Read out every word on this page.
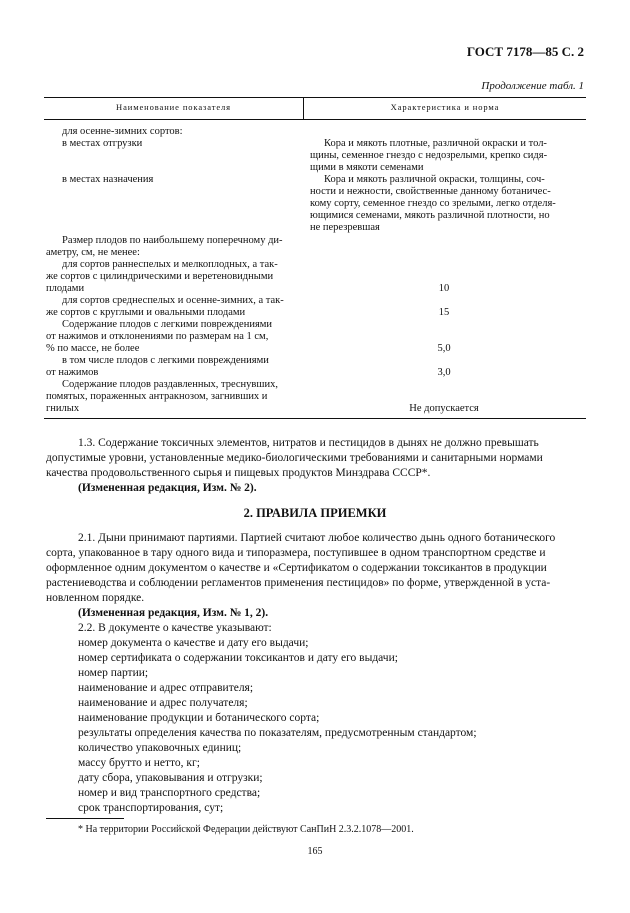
ГОСТ 7178—85 С. 2
Продолжение табл. 1
Наименование показателя	Характеристика и норма
для осенне-зимних сортов:
в местах отгрузки
в местах назначения
Размер плодов по наибольшему поперечному ди-
аметру, см, не менее:
для сортов раннеспелых и мелкоплодных, а так-
же сортов с цилиндрическими и веретеновидными
плодами
для сортов среднеспелых и осенне-зимних, а так-
же сортов с круглыми и овальными плодами
Содержание плодов с легкими повреждениями
от нажимов и отклонениями по размерам на 1 см,
% по массе, не более
в том числе плодов с легкими повреждениями
от нажимов
Содержание плодов раздавленных, треснувших,
помятых, пораженных антракнозом, загнивших и
гнилых
Кора и мякоть плотные, различной окраски и тол-
щины, семенное гнездо с недозрелыми, крепко сидя-
щими в мякоти семенами
Кора и мякоть различной окраски, толщины, соч-
ности и нежности, свойственные данному ботаничес-
кому сорту, семенное гнездо со зрелыми, легко отделя-
ющимися семенами, мякоть различной плотности, но
не перезревшая
10
15
5,0
3,0
Не допускается
1.3. Содержание токсичных элементов, нитратов и пестицидов в дынях не должно превышать
допустимые уровни, установленные медико-биологическими требованиями и санитарными нормами
качества продовольственного сырья и пищевых продуктов Минздрава СССР*.
(Измененная редакция, Изм. № 2).
2. ПРАВИЛА ПРИЕМКИ
2.1. Дыни принимают партиями. Партией считают любое количество дынь одного ботанического
сорта, упакованное в тару одного вида и типоразмера, поступившее в одном транспортном средстве и
оформленное одним документом о качестве и «Сертификатом о содержании токсикантов в продукции
растениеводства и соблюдении регламентов применения пестицидов» по форме, утвержденной в уста-
новленном порядке.
(Измененная редакция, Изм. № 1, 2).
2.2. В документе о качестве указывают:
номер документа о качестве и дату его выдачи;
номер сертификата о содержании токсикантов и дату его выдачи;
номер партии;
наименование и адрес отправителя;
наименование и адрес получателя;
наименование продукции и ботанического сорта;
результаты определения качества по показателям, предусмотренным стандартом;
количество упаковочных единиц;
массу брутто и нетто, кг;
дату сбора, упаковывания и отгрузки;
номер и вид транспортного средства;
срок транспортирования, сут;
* На территории Российской Федерации действуют СанПиН 2.3.2.1078—2001.
165
